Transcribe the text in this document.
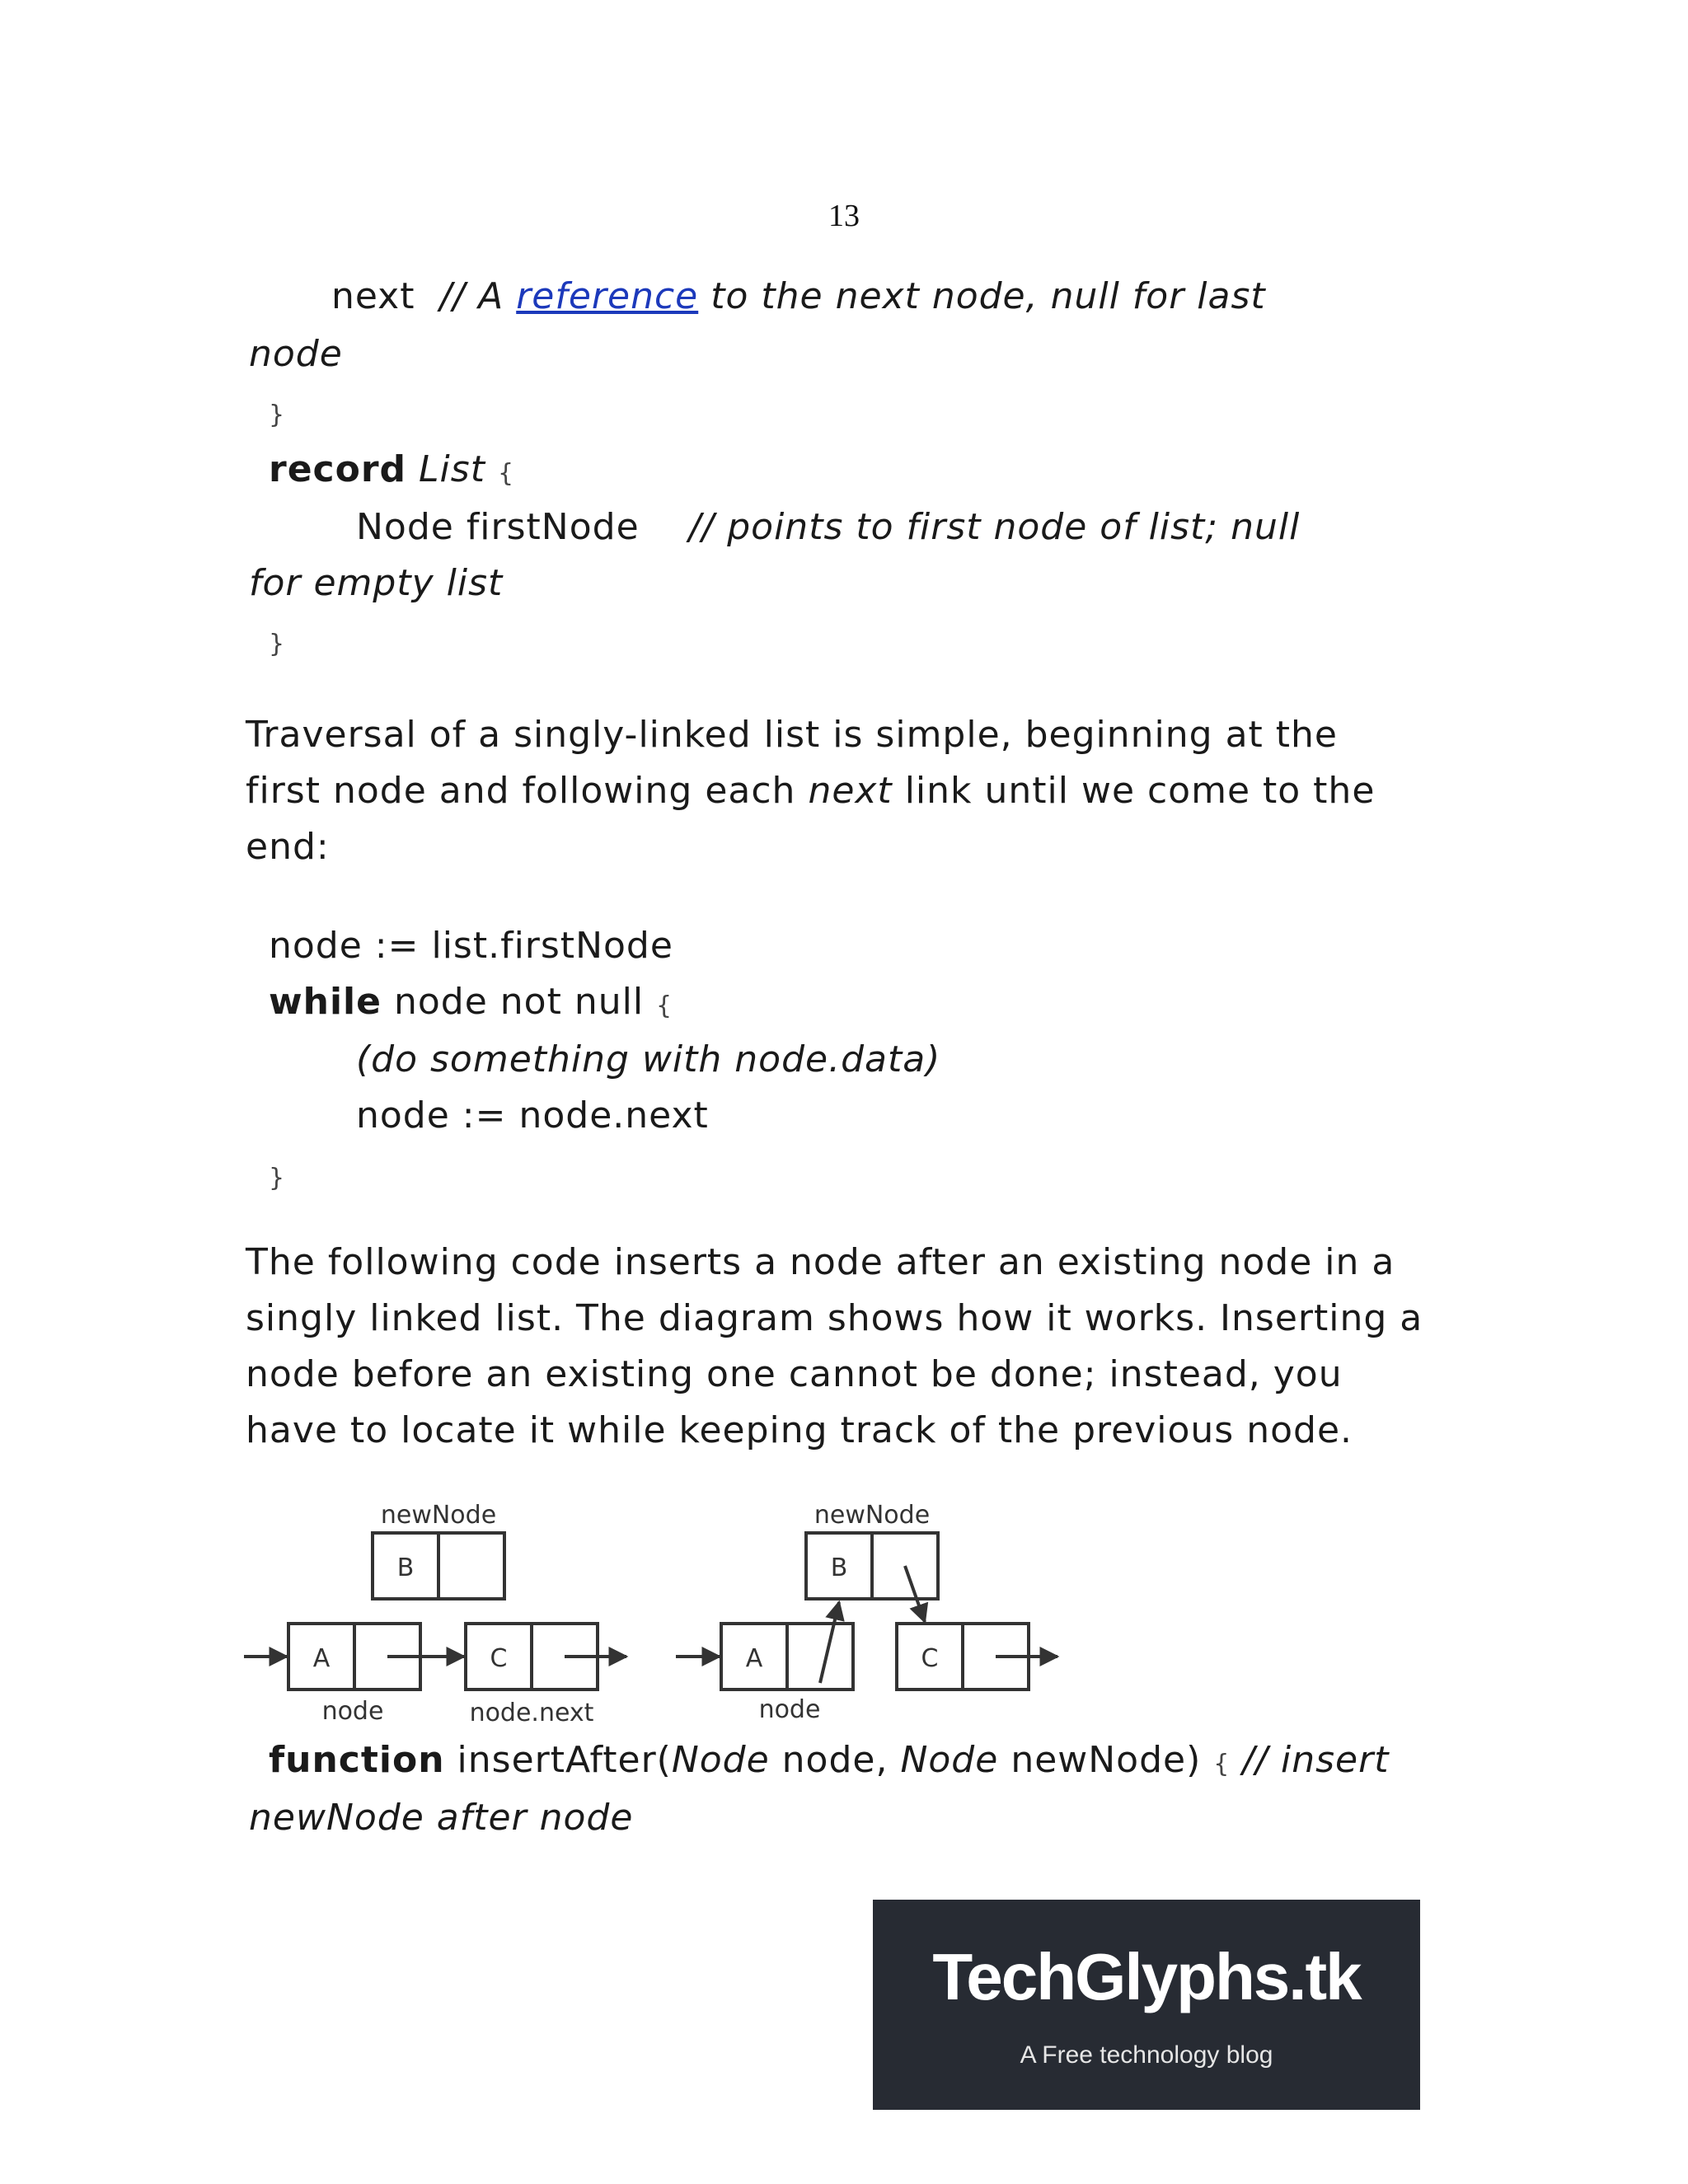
13
next // A reference to the next node, null for last
node
}
record List {
Node firstNode // points to first node of list; null
for empty list
}
Traversal of a singly-linked list is simple, beginning at the
first node and following each next link until we come to the
end:
node := list.firstNode
while node not null {
(do something with node.data)
node := node.next
}
The following code inserts a node after an existing node in a
singly linked list. The diagram shows how it works. Inserting a
node before an existing one cannot be done; instead, you
have to locate it while keeping track of the previous node.
newNode
B
A	C
node	node.next
newNode
B
A	C
node
function insertAfter(Node node, Node newNode) { // insert
newNode after node
TechGlyphs.tk
A Free technology blog
